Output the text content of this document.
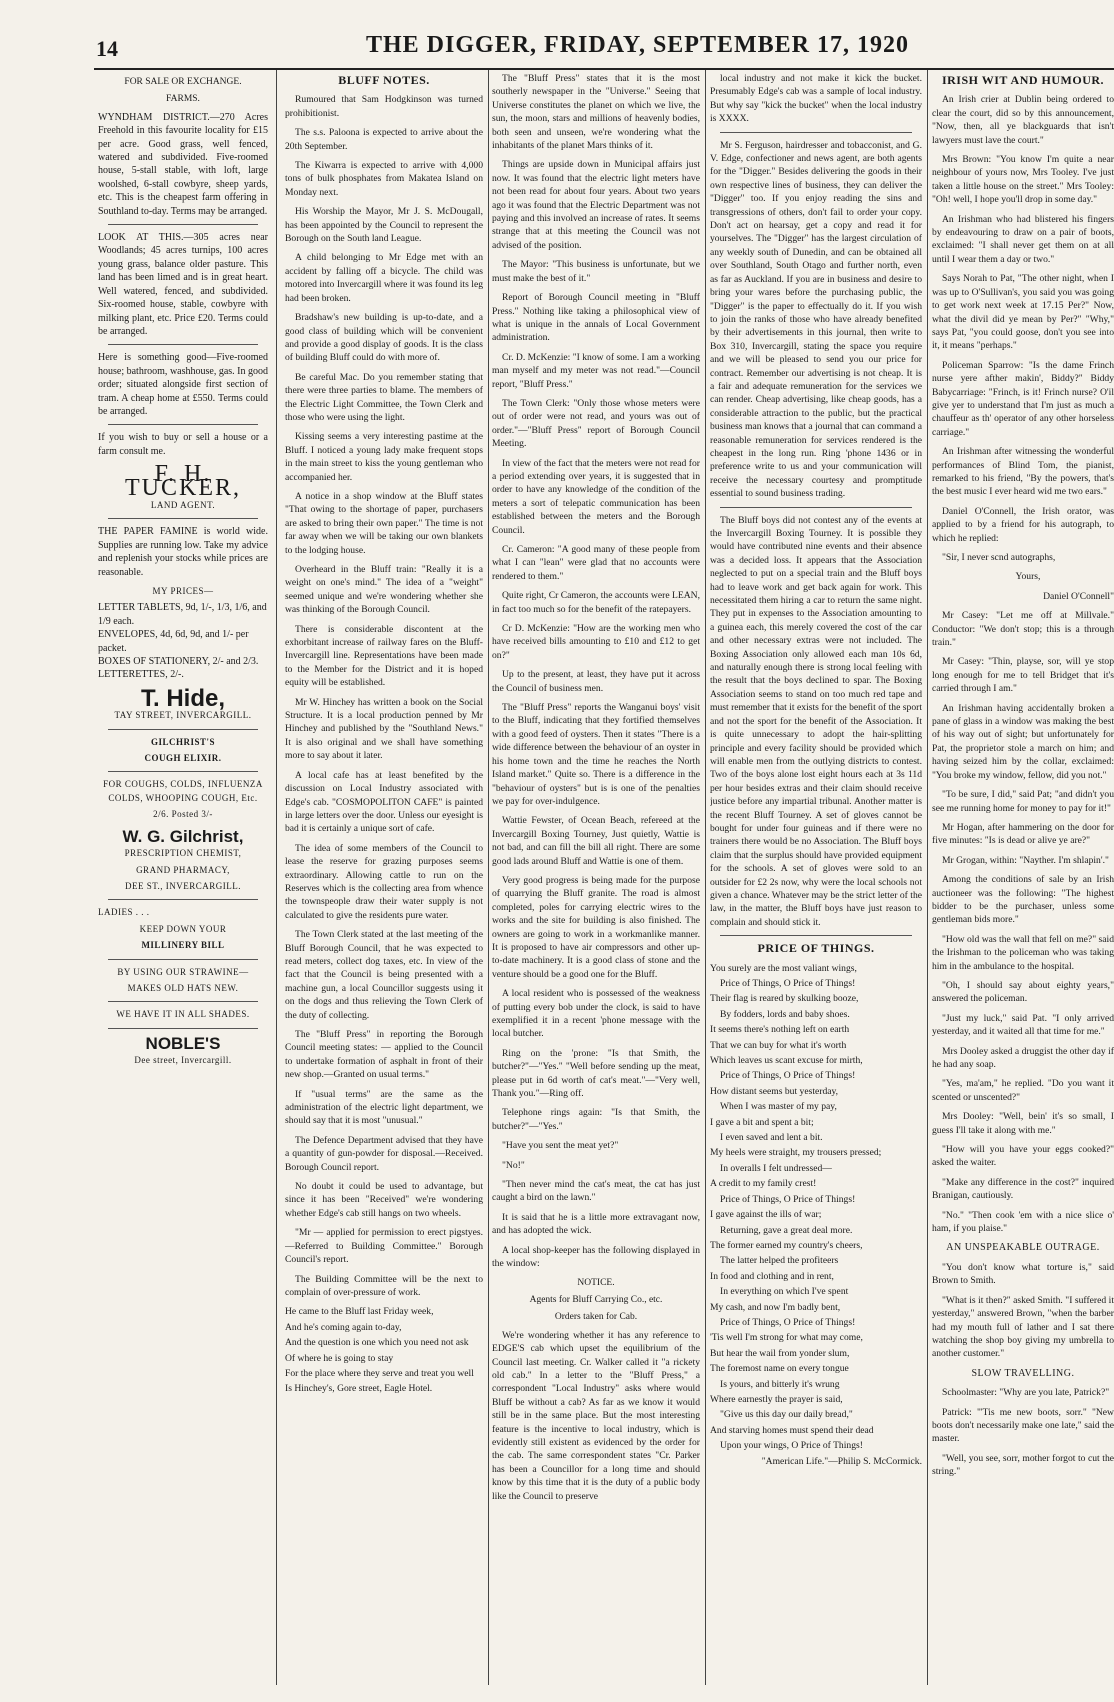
14	THE DIGGER, FRIDAY, SEPTEMBER 17, 1920
FOR SALE OR EXCHANGE.
FARMS.

WYNDHAM DISTRICT.—270 Acres Freehold in this favourite locality for £15 per acre. Good grass, well fenced, watered and subdivided. Five-roomed house, 5-stall stable, with loft, large woolshed, 6-stall cowbyre, sheep yards, etc. This is the cheapest farm offering in Southland to-day. Terms may be arranged.

LOOK AT THIS.—305 acres near Woodlands; 45 acres turnips, 100 acres young grass, balance older pasture. This land has been limed and is in great heart. Well watered, fenced, and subdivided. Six-roomed house, stable, cowbyre with milking plant, etc. Price £20. Terms could be arranged.

Here is something good—Five-roomed house; bathroom, washhouse, gas. In good order; situated alongside first section of tram. A cheap home at £550. Terms could be arranged.

If you wish to buy or sell a house or a farm consult me.

F. H. TUCKER,
LAND AGENT.

THE PAPER FAMINE is world wide. Supplies are running low. Take my advice and replenish your stocks while prices are reasonable.

MY PRICES—
LETTER TABLETS, 9d, 1/-, 1/3, 1/6, and 1/9 each.
ENVELOPES, 4d, 6d, 9d, and 1/- per packet.
BOXES OF STATIONERY, 2/- and 2/3.
LETTERETTES, 2/-.
T. Hide,
TAY STREET, INVERCARGILL.
GILCHRIST'S
COUGH ELIXIR.
FOR COUGHS, COLDS, INFLUENZA COLDS, WHOOPING COUGH, Etc.
2/6. Posted 3/-
W. G. Gilchrist,
PRESCRIPTION CHEMIST,
GRAND PHARMACY,
DEE ST., INVERCARGILL.
LADIES . . .
KEEP DOWN YOUR
MILLINERY BILL
BY USING OUR STRAWINE—
MAKES OLD HATS NEW.
WE HAVE IT IN ALL SHADES.
NOBLE'S
Dee street, Invercargill.
BLUFF NOTES.

Rumoured that Sam Hodgkinson was turned prohibitionist.

The s.s. Paloona is expected to arrive about the 20th September.

The Kiwarra is expected to arrive with 4,000 tons of bulk phosphates from Makatea Island on Monday next.

His Worship the Mayor, Mr J. S. McDougall, has been appointed by the Council to represent the Borough on the South land League.

A child belonging to Mr Edge met with an accident by falling off a bicycle. The child was motored into Invercargill where it was found its leg had been broken.

Bradshaw's new building is up-to-date, and a good class of building which will be convenient and provide a good display of goods. It is the class of building Bluff could do with more of.

Be careful Mac. Do you remember stating that there were three parties to blame. The members of the Electric Light Committee, the Town Clerk and those who were using the light.

Kissing seems a very interesting pastime at the Bluff. I noticed a young lady make frequent stops in the main street to kiss the young gentleman who accompanied her.

A notice in a shop window at the Bluff states "That owing to the shortage of paper, purchasers are asked to bring their own paper." The time is not far away when we will be taking our own blankets to the lodging house.

Overheard in the Bluff train: "Really it is a weight on one's mind." The idea of a "weight" seemed unique and we're wondering whether she was thinking of the Borough Council.

There is considerable discontent at the exhorbitant increase of railway fares on the Bluff-Invercargill line. Representations have been made to the Member for the District and it is hoped equity will be established.

Mr W. Hinchey has written a book on the Social Structure. It is a local production penned by Mr Hinchey and published by the "Southland News." It is also original and we shall have something more to say about it later.

A local cafe has at least benefited by the discussion on Local Industry associated with Edge's cab. "COSMOPOLITON CAFE" is painted in large letters over the door. Unless our eyesight is bad it is certainly a unique sort of cafe.

The idea of some members of the Council to lease the reserve for grazing purposes seems extraordinary. Allowing cattle to run on the Reserves which is the collecting area from whence the townspeople draw their water supply is not calculated to give the residents pure water.

The Town Clerk stated at the last meeting of the Bluff Borough Council, that he was expected to read meters, collect dog taxes, etc. In view of the fact that the Council is being presented with a machine gun, a local Councillor suggests using it on the dogs and thus relieving the Town Clerk of the duty of collecting.

The "Bluff Press" in reporting the Borough Council meeting states: — applied to the Council to undertake formation of asphalt in front of their new shop.—Granted on usual terms."

If "usual terms" are the same as the administration of the electric light department, we should say that it is most "unusual."

The Defence Department advised that they have a quantity of gun-powder for disposal.—Received. Borough Council report.

No doubt it could be used to advantage, but since it has been "Received" we're wondering whether Edge's cab still hangs on two wheels.

"Mr — applied for permission to erect pigstyes.—Referred to Building Committee." Borough Council's report.

The Building Committee will be the next to complain of over-pressure of work.

He came to the Bluff last Friday week,

And he's coming again to-day,

And the question is one which you need not ask

Of where he is going to stay

For the place where they serve and treat you well

Is Hinchey's, Gore street, Eagle Hotel.

The "Bluff Press" states that it is the most southerly newspaper in the "Universe." Seeing that Universe constitutes the planet on which we live, the sun, the moon, stars and millions of heavenly bodies, both seen and unseen, we're wondering what the inhabitants of the planet Mars thinks of it.

Things are upside down in Municipal affairs just now. It was found that the electric light meters have not been read for about four years. About two years ago it was found that the Electric Department was not paying and this involved an increase of rates. It seems strange that at this meeting the Council was not advised of the position.

The Mayor: "This business is unfortunate, but we must make the best of it."

Report of Borough Council meeting in "Bluff Press." Nothing like taking a philosophical view of what is unique in the annals of Local Government administration.

Cr. D. McKenzie: "I know of some. I am a working man myself and my meter was not read."—Council report, "Bluff Press."

The Town Clerk: "Only those whose meters were out of order were not read, and yours was out of order."—"Bluff Press" report of Borough Council Meeting.

In view of the fact that the meters were not read for a period extending over years, it is suggested that in order to have any knowledge of the condition of the meters a sort of telepatic communication has been established between the meters and the Borough Council.

Cr. Cameron: "A good many of these people from what I can "lean" were glad that no accounts were rendered to them."

Quite right, Cr Cameron, the accounts were LEAN, in fact too much so for the benefit of the ratepayers.

Cr D. McKenzie: "How are the working men who have received bills amounting to £10 and £12 to get on?"

Up to the present, at least, they have put it across the Council of business men.

The "Bluff Press" reports the Wanganui boys' visit to the Bluff, indicating that they fortified themselves with a good feed of oysters. Then it states "There is a wide difference between the behaviour of an oyster in his home town and the time he reaches the North Island market." Quite so. There is a difference in the "behaviour of oysters" but is is one of the penalties we pay for over-indulgence.

Wattie Fewster, of Ocean Beach, refereed at the Invercargill Boxing Tourney, Just quietly, Wattie is not bad, and can fill the bill all right. There are some good lads around Bluff and Wattie is one of them.

Very good progress is being made for the purpose of quarrying the Bluff granite. The road is almost completed, poles for carrying electric wires to the works and the site for building is also finished. The owners are going to work in a workmanlike manner. It is proposed to have air compressors and other up-to-date machinery. It is a good class of stone and the venture should be a good one for the Bluff.

A local resident who is possessed of the weakness of putting every bob under the clock, is said to have exemplified it in a recent 'phone message with the local butcher.

Ring on the 'prone: "Is that Smith, the butcher?"—"Yes." "Well before sending up the meat, please put in 6d worth of cat's meat."—"Very well, Thank you."—Ring off.

Telephone rings again: "Is that Smith, the butcher?"—"Yes."

"Have you sent the meat yet?"

"No!"

"Then never mind the cat's meat, the cat has just caught a bird on the lawn."

It is said that he is a little more extravagant now, and has adopted the wick.

A local shop-keeper has the following displayed in the window:

NOTICE.
Agents for Bluff Carrying Co., etc.
Orders taken for Cab.

We're wondering whether it has any reference to EDGE'S cab which upset the equilibrium of the Council last meeting. Cr. Walker called it "a rickety old cab." In a letter to the "Bluff Press," a correspondent "Local Industry" asks where would Bluff be without a cab? As far as we know it would still be in the same place. But the most interesting feature is the incentive to local industry, which is evidently still existent as evidenced by the order for the cab. The same correspondent states "Cr. Parker has been a Councillor for a long time and should know by this time that it is the duty of a public body like the Council to preserve

local industry and not make it kick the bucket. Presumably Edge's cab was a sample of local industry. But why say "kick the bucket" when the local industry is XXXX.

Mr S. Ferguson, hairdresser and tobacconist, and G. V. Edge, confectioner and news agent, are both agents for the "Digger." Besides delivering the goods in their own respective lines of business, they can deliver the "Digger" too. If you enjoy reading the sins and transgressions of others, don't fail to order your copy. Don't act on hearsay, get a copy and read it for yourselves. The "Digger" has the largest circulation of any weekly south of Dunedin, and can be obtained all over Southland, South Otago and further north, even as far as Auckland. If you are in business and desire to bring your wares before the purchasing public, the "Digger" is the paper to effectually do it. If you wish to join the ranks of those who have already benefited by their advertisements in this journal, then write to Box 310, Invercargill, stating the space you require and we will be pleased to send you our price for contract. Remember our advertising is not cheap. It is a fair and adequate remuneration for the services we can render. Cheap advertising, like cheap goods, has a considerable attraction to the public, but the practical business man knows that a journal that can command a reasonable remuneration for services rendered is the cheapest in the long run. Ring 'phone 1436 or in preference write to us and your communication will receive the necessary courtesy and promptitude essential to sound business trading.

The Bluff boys did not contest any of the events at the Invercargill Boxing Tourney. It is possible they would have contributed nine events and their absence was a decided loss. It appears that the Association neglected to put on a special train and the Bluff boys had to leave work and get back again for work. This necessitated them hiring a car to return the same night. They put in expenses to the Association amounting to a guinea each, this merely covered the cost of the car and other necessary extras were not included. The Boxing Association only allowed each man 10s 6d, and naturally enough there is strong local feeling with the result that the boys declined to spar. The Boxing Association seems to stand on too much red tape and must remember that it exists for the benefit of the sport and not the sport for the benefit of the Association. It is quite unnecessary to adopt the hair-splitting principle and every facility should be provided which will enable men from the outlying districts to contest. Two of the boys alone lost eight hours each at 3s 11d per hour besides extras and their claim should receive justice before any impartial tribunal. Another matter is the recent Bluff Tourney. A set of gloves cannot be bought for under four guineas and if there were no trainers there would be no Association. The Bluff boys claim that the surplus should have provided equipment for the schools. A set of gloves were sold to an outsider for £2 2s now, why were the local schools not given a chance. Whatever may be the strict letter of the law, in the matter, the Bluff boys have just reason to complain and should stick it.

PRICE OF THINGS.

You surely are the most valiant wings,

Price of Things, O Price of Things!

Their flag is reared by skulking booze,

By fodders, lords and baby shoes.

It seems there's nothing left on earth

That we can buy for what it's worth

Which leaves us scant excuse for mirth,

Price of Things, O Price of Things!

How distant seems but yesterday,

When I was master of my pay,

I gave a bit and spent a bit;

I even saved and lent a bit.

My heels were straight, my trousers pressed;

In overalls I felt undressed—

A credit to my family crest!

Price of Things, O Price of Things!

I gave against the ills of war;

Returning, gave a great deal more.

The former earned my country's cheers,

The latter helped the profiteers

In food and clothing and in rent,

In everything on which I've spent

My cash, and now I'm badly bent,

Price of Things, O Price of Things!

'Tis well I'm strong for what may come,

But hear the wail from yonder slum,

The foremost name on every tongue

Is yours, and bitterly it's wrung

Where earnestly the prayer is said,

"Give us this day our daily bread,"

And starving homes must spend their dead

Upon your wings, O Price of Things!

"American Life."—Philip S. McCormick.

IRISH WIT AND HUMOUR.

An Irish crier at Dublin being ordered to clear the court, did so by this announcement, "Now, then, all ye blackguards that isn't lawyers must lave the court."

Mrs Brown: "You know I'm quite a near neighbour of yours now, Mrs Tooley. I've just taken a little house on the street." Mrs Tooley: "Oh! well, I hope you'll drop in some day."

An Irishman who had blistered his fingers by endeavouring to draw on a pair of boots, exclaimed: "I shall never get them on at all until I wear them a day or two."

Says Norah to Pat, "The other night, when I was up to O'Sullivan's, you said you was going to get work next week at 17.15 Per?" Now, what the divil did ye mean by Per?" "Why," says Pat, "you could goose, don't you see into it, it means "perhaps."

Policeman Sparrow: "Is the dame Frinch nurse yere afther makin', Biddy?" Biddy Babycarriage: "Frinch, is it! Frinch nurse? O'il give yer to understand that I'm just as much a chauffeur as th' operator of any other horseless carriage."

An Irishman after witnessing the wonderful performances of Blind Tom, the pianist, remarked to his friend, "By the powers, that's the best music I ever heard wid me two ears."

Daniel O'Connell, the Irish orator, was applied to by a friend for his autograph, to which he replied:

"Sir, I never scnd autographs,

Yours,

Daniel O'Connell"

Mr Casey: "Let me off at Millvale." Conductor: "We don't stop; this is a through train."

Mr Casey: "Thin, playse, sor, will ye stop long enough for me to tell Bridget that it's carried through I am."

An Irishman having accidentally broken a pane of glass in a window was making the best of his way out of sight; but unfortunately for Pat, the proprietor stole a march on him; and having seized him by the collar, exclaimed: "You broke my window, fellow, did you not."

"To be sure, I did," said Pat; "and didn't you see me running home for money to pay for it!"

Mr Hogan, after hammering on the door for five minutes: "Is is dead or alive ye are?"

Mr Grogan, within: "Nayther. I'm shlapin'."

Among the conditions of sale by an Irish auctioneer was the following: "The highest bidder to be the purchaser, unless some gentleman bids more."

"How old was the wall that fell on me?" said the Irishman to the policeman who was taking him in the ambulance to the hospital.

"Oh, I should say about eighty years," answered the policeman.

"Just my luck," said Pat. "I only arrived yesterday, and it waited all that time for me."

Mrs Dooley asked a druggist the other day if he had any soap.

"Yes, ma'am," he replied. "Do you want it scented or unscented?"

Mrs Dooley: "Well, bein' it's so small, I guess I'll take it along with me."

"How will you have your eggs cooked?" asked the waiter.

"Make any difference in the cost?" inquired Branigan, cautiously.

"No." "Then cook 'em with a nice slice o' ham, if you plaise."

AN UNSPEAKABLE OUTRAGE.

"You don't know what torture is," said Brown to Smith.

"What is it then?" asked Smith. "I suffered it yesterday," answered Brown, "when the barber had my mouth full of lather and I sat there watching the shop boy giving my umbrella to another customer."

SLOW TRAVELLING.

Schoolmaster: "Why are you late, Patrick?"

Patrick: "'Tis me new boots, sorr." "New boots don't necessarily make one late," said the master.

"Well, you see, sorr, mother forgot to cut the string."
